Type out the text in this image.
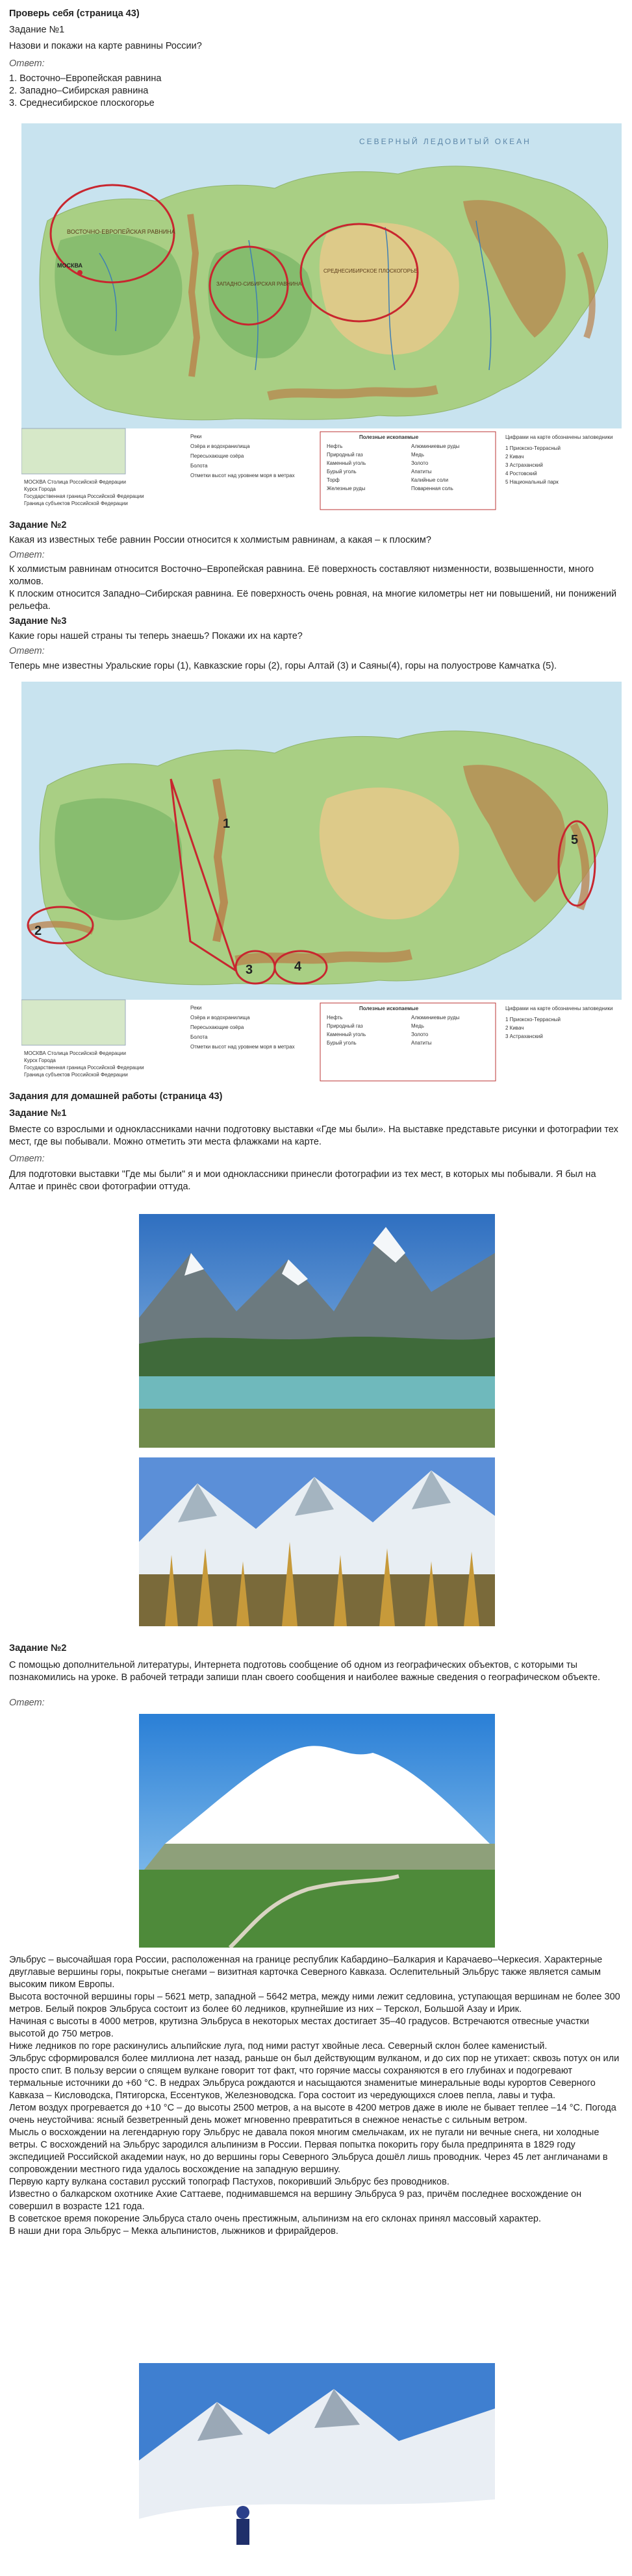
Проверь себя (страница 43)
Задание №1
Назови и покажи на карте равнины России?
Ответ:
1. Восточно–Европейская равнина
2. Западно–Сибирская равнина
3. Среднесибирское плоскогорье
СЕВЕРНЫЙ ЛЕДОВИТЫЙ ОКЕАН
ВОСТОЧНО-ЕВРОПЕЙСКАЯ РАВНИНА
ЗАПАДНО-СИБИРСКАЯ РАВНИНА
СРЕДНЕСИБИРСКОЕ ПЛОСКОГОРЬЕ
МОСКВА
МОСКВА Столица Российской Федерации
Курск Города
Государственная граница Российской Федерации
Граница субъектов Российской Федерации
Реки
Озёра и водохранилища
Пересыхающие озёра
Болота
Отметки высот над уровнем моря в метрах
Полезные ископаемые
Нефть
Природный газ
Каменный уголь
Бурый уголь
Торф
Железные руды
Алюминиевые руды
Медь
Золото
Апатиты
Калийные соли
Поваренная соль
Цифрами на карте обозначены заповедники
1 Приокско-Террасный
2 Кивач
3 Астраханский
4 Ростовский
5 Национальный парк
Задание №2
Какая из известных тебе равнин России относится к холмистым равнинам, а какая – к плоским?
Ответ:
К холмистым равнинам относится Восточно–Европейская равнина. Её поверхность составляют низменности, возвышенности, много холмов.
К плоским относится Западно–Сибирская равнина. Её поверхность очень ровная, на многие километры нет ни повышений, ни понижений рельефа.
Задание №3
Какие горы нашей страны ты теперь знаешь? Покажи их на карте?
Ответ:
Теперь мне известны Уральские горы (1), Кавказские горы (2), горы Алтай (3) и Саяны(4), горы на полуострове Камчатка (5).
1
2
3	4
5
МОСКВА Столица Российской Федерации
Курск Города
Государственная граница Российской Федерации
Граница субъектов Российской Федерации
Реки
Озёра и водохранилища
Пересыхающие озёра
Болота
Отметки высот над уровнем моря в метрах
Полезные ископаемые
Нефть
Природный газ
Каменный уголь
Бурый уголь
Алюминиевые руды
Медь
Золото
Апатиты
Цифрами на карте обозначены заповедники
1 Приокско-Террасный
2 Кивач
3 Астраханский
Задания для домашней работы (страница 43)
Задание №1
Вместе со взрослыми и одноклассниками начни подготовку выставки «Где мы были». На выставке представьте рисунки и фотографии тех мест, где вы побывали. Можно отметить эти места флажками на карте.
Ответ:
Для подготовки выставки "Где мы были" я и мои одноклассники принесли фотографии из тех мест, в которых мы побывали. Я был на Алтае и принёс свои фотографии оттуда.
Задание №2
С помощью дополнительной литературы, Интернета подготовь сообщение об одном из географических объектов, с которыми ты познакомились на уроке. В рабочей тетради запиши план своего сообщения и наиболее важные сведения о географическом объекте.
Ответ:

Эльбрус – высочайшая гора России, расположенная на границе республик Кабардино–Балкария и Карачаево–Черкесия. Характерные двуглавые вершины горы, покрытые снегами – визитная карточка Северного Кавказа. Ослепительный Эльбрус также является самым высоким пиком Европы.

Высота восточной вершины горы – 5621 метр, западной – 5642 метра, между ними лежит седловина, уступающая вершинам не более 300 метров. Белый покров Эльбруса состоит из более 60 ледников, крупнейшие из них – Терскол, Большой Азау и Ирик.

Начиная с высоты в 4000 метров, крутизна Эльбруса в некоторых местах достигает 35–40 градусов. Встречаются отвесные участки высотой до 750 метров.

Ниже ледников по горе раскинулись альпийские луга, под ними растут хвойные леса. Северный склон более каменистый.

Эльбрус сформировался более миллиона лет назад, раньше он был действующим вулканом, и до сих пор не утихает: сквозь потух он или просто спит. В пользу версии о спящем вулкане говорит тот факт, что горячие массы сохраняются в его глубинах и подогревают термальные источники до +60 °С. В недрах Эльбруса рождаются и насыщаются знаменитые минеральные воды курортов Северного Кавказа – Кисловодска, Пятигорска, Ессентуков, Железноводска. Гора состоит из чередующихся слоев пепла, лавы и туфа.

Летом воздух прогревается до +10 °С – до высоты 2500 метров, а на высоте в 4200 метров даже в июле не бывает теплее –14 °С. Погода очень неустойчива: ясный безветренный день может мгновенно превратиться в снежное ненастье с сильным ветром.

Мысль о восхождении на легендарную гору Эльбрус не давала покоя многим смельчакам, их не пугали ни вечные снега, ни холодные ветры. С восхождений на Эльбрус зародился альпинизм в России. Первая попытка покорить гору была предпринята в 1829 году экспедицией Российской академии наук, но до вершины горы Северного Эльбруса дошёл лишь проводник. Через 45 лет англичанами в сопровождении местного гида удалось восхождение на западную вершину.

Первую карту вулкана составил русский топограф Пастухов, покоривший Эльбрус без проводников.

Известно о балкарском охотнике Ахие Саттаеве, поднимавшемся на вершину Эльбруса 9 раз, причём последнее восхождение он совершил в возрасте 121 года.

В советское время покорение Эльбруса стало очень престижным, альпинизм на его склонах принял массовый характер.

В наши дни гора Эльбрус – Мекка альпинистов, лыжников и фрирайдеров.
